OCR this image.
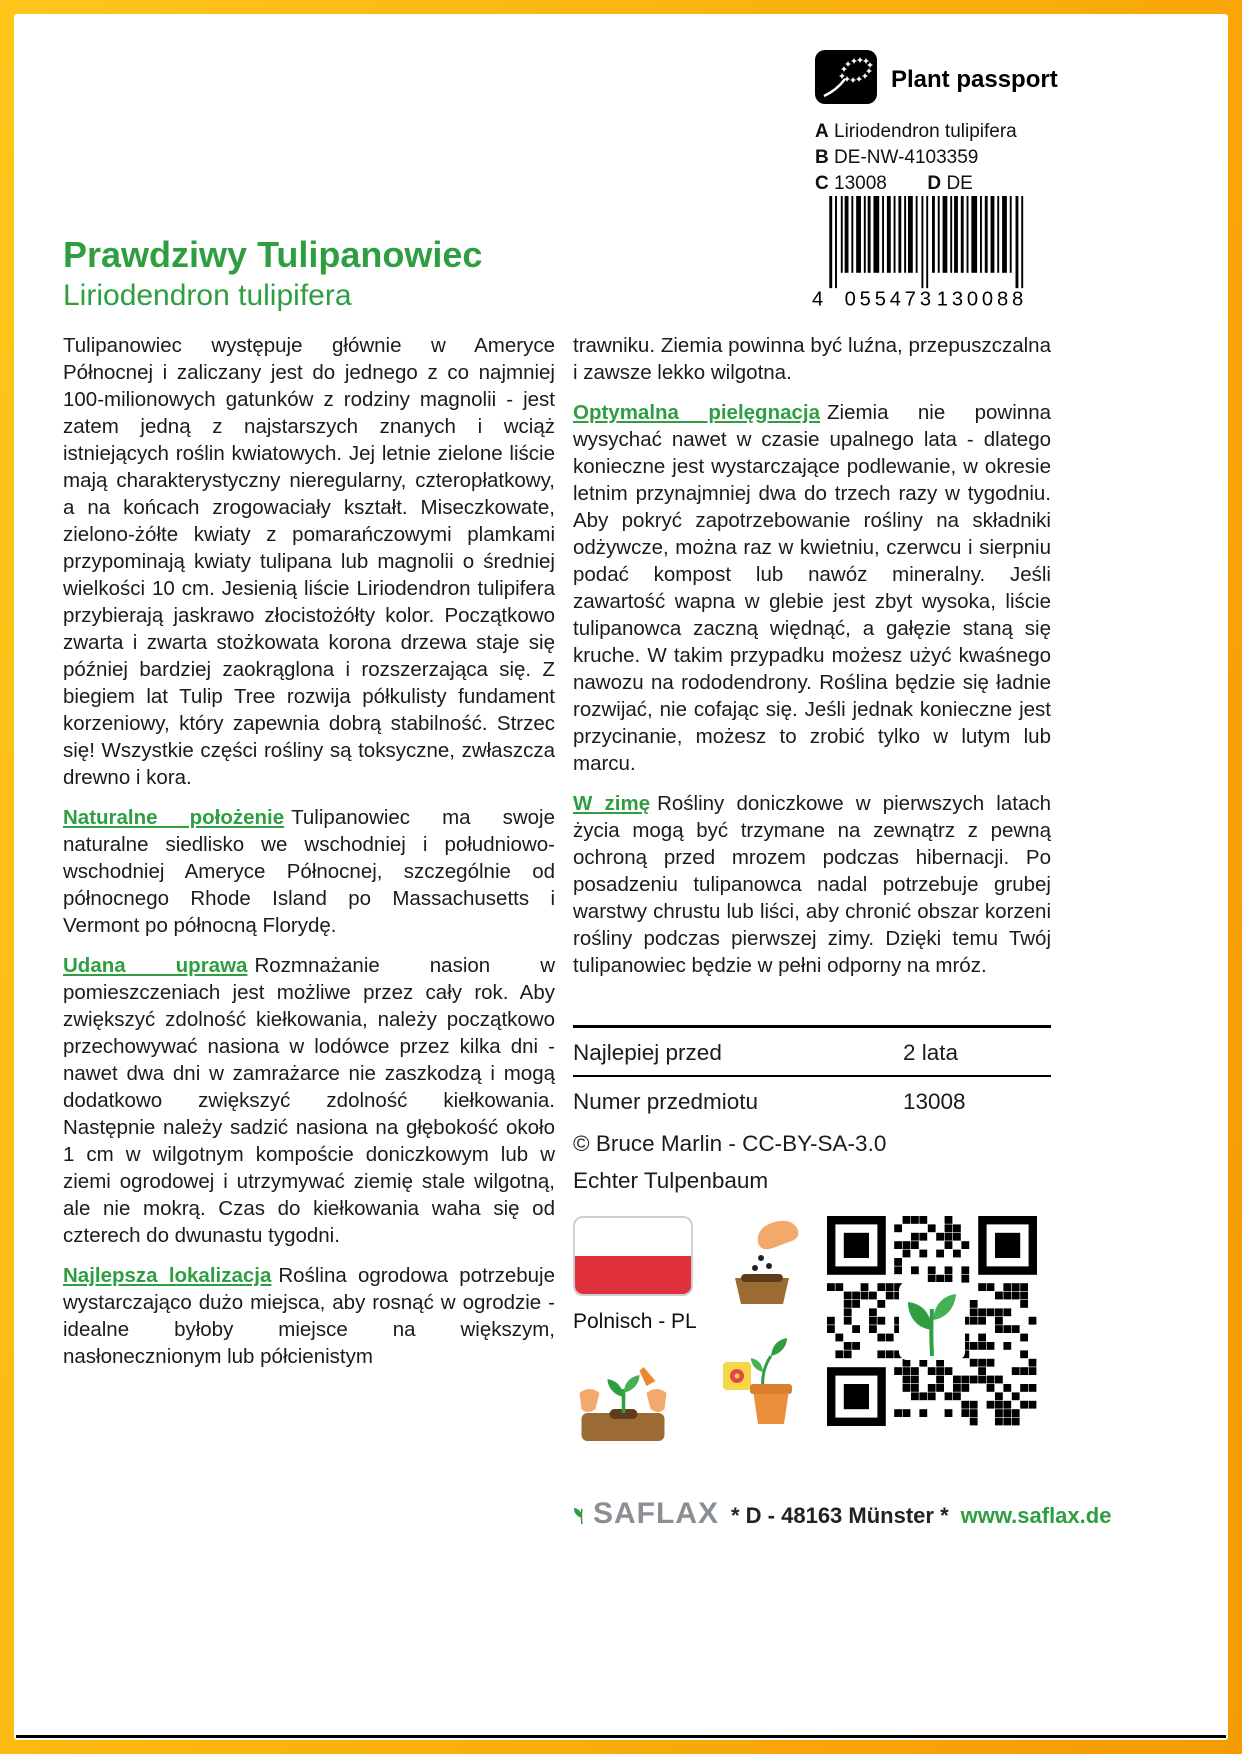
Plant passport
A Liriodendron tulipifera
B DE-NW-4103359
C 13008 D DE
4 055473 130088
Prawdziwy Tulipanowiec
Liriodendron tulipifera

Tulipanowiec występuje głównie w Ameryce Północnej i zaliczany jest do jednego z co najmniej 100-milionowych gatunków z rodziny magnolii - jest zatem jedną z najstarszych znanych i wciąż istniejących roślin kwiatowych. Jej letnie zielone liście mają charakterystyczny nieregularny, czteropłatkowy, a na końcach zrogowaciały kształt. Miseczkowate, zielono-żółte kwiaty z pomarańczowymi plamkami przypominają kwiaty tulipana lub magnolii o średniej wielkości 10 cm. Jesienią liście Liriodendron tulipifera przybierają jaskrawo złocistożółty kolor. Początkowo zwarta i zwarta stożkowata korona drzewa staje się później bardziej zaokrąglona i rozszerzająca się. Z biegiem lat Tulip Tree rozwija półkulisty fundament korzeniowy, który zapewnia dobrą stabilność. Strzec się! Wszystkie części rośliny są toksyczne, zwłaszcza drewno i kora.

Naturalne położenie Tulipanowiec ma swoje naturalne siedlisko we wschodniej i południowo-wschodniej Ameryce Północnej, szczególnie od północnego Rhode Island po Massachusetts i Vermont po północną Florydę.

Udana uprawa Rozmnażanie nasion w pomieszczeniach jest możliwe przez cały rok. Aby zwiększyć zdolność kiełkowania, należy początkowo przechowywać nasiona w lodówce przez kilka dni - nawet dwa dni w zamrażarce nie zaszkodzą i mogą dodatkowo zwiększyć zdolność kiełkowania. Następnie należy sadzić nasiona na głębokość około 1 cm w wilgotnym kompoście doniczkowym lub w ziemi ogrodowej i utrzymywać ziemię stale wilgotną, ale nie mokrą. Czas do kiełkowania waha się od czterech do dwunastu tygodni.

Najlepsza lokalizacja Roślina ogrodowa potrzebuje wystarczająco dużo miejsca, aby rosnąć w ogrodzie - idealne byłoby miejsce na większym, nasłonecznionym lub półcienistym

trawniku. Ziemia powinna być luźna, przepuszczalna i zawsze lekko wilgotna.

Optymalna pielęgnacja Ziemia nie powinna wysychać nawet w czasie upalnego lata - dlatego konieczne jest wystarczające podlewanie, w okresie letnim przynajmniej dwa do trzech razy w tygodniu. Aby pokryć zapotrzebowanie rośliny na składniki odżywcze, można raz w kwietniu, czerwcu i sierpniu podać kompost lub nawóz mineralny. Jeśli zawartość wapna w glebie jest zbyt wysoka, liście tulipanowca zaczną więdnąć, a gałęzie staną się kruche. W takim przypadku możesz użyć kwaśnego nawozu na rododendrony. Roślina będzie się ładnie rozwijać, nie cofając się. Jeśli jednak konieczne jest przycinanie, możesz to zrobić tylko w lutym lub marcu.

W zimę Rośliny doniczkowe w pierwszych latach życia mogą być trzymane na zewnątrz z pewną ochroną przed mrozem podczas hibernacji. Po posadzeniu tulipanowca nadal potrzebuje grubej warstwy chrustu lub liści, aby chronić obszar korzeni rośliny podczas pierwszej zimy. Dzięki temu Twój tulipanowiec będzie w pełni odporny na mróz.

Najlepiej przed	2 lata
Numer przedmiotu	13008
© Bruce Marlin - CC-BY-SA-3.0
Echter Tulpenbaum
Polnisch - PL
SAFLAX * D - 48163 Münster * www.saflax.de
